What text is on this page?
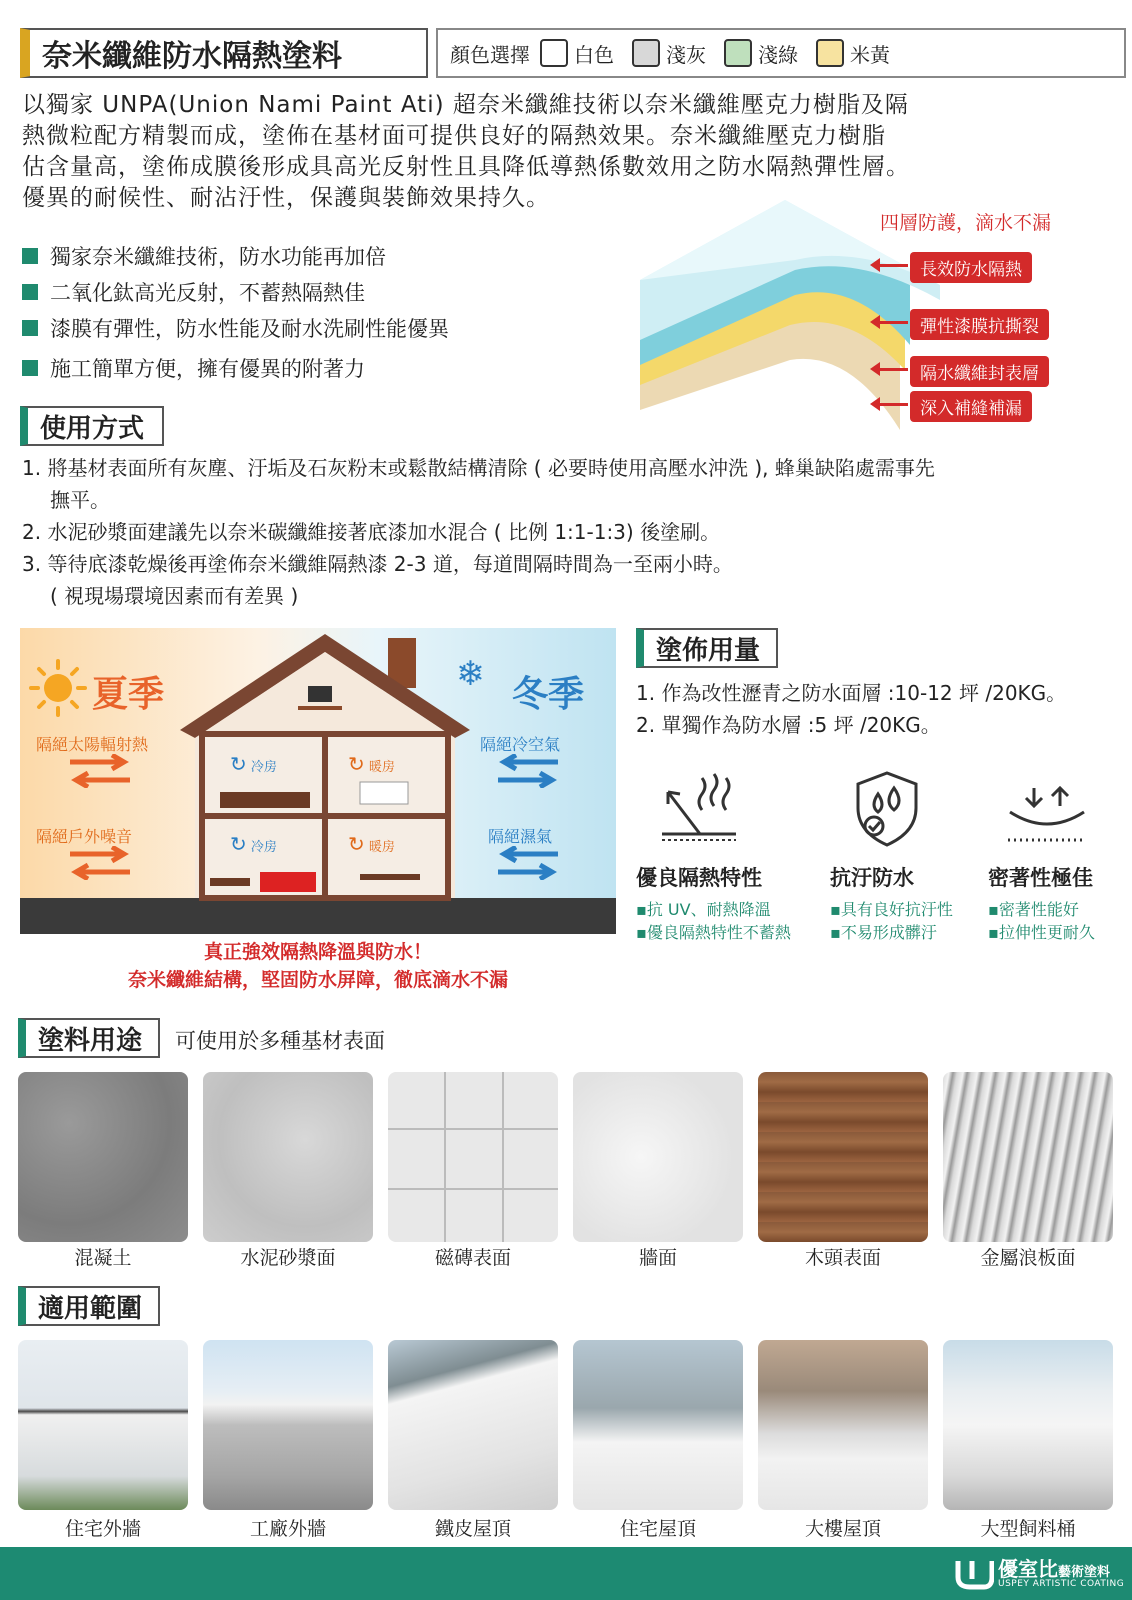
奈米纖維防水隔熱塗料	顏色選擇 白色	淺灰	淺綠	米黃
以獨家 UNPA(Union Nami Paint Ati) 超奈米纖維技術以奈米纖維壓克力樹脂及隔
熱微粒配方精製而成，塗佈在基材面可提供良好的隔熱效果。奈米纖維壓克力樹脂
估含量高，塗佈成膜後形成具高光反射性且具降低導熱係數效用之防水隔熱彈性層。
優異的耐候性、耐沾汙性，保護與裝飾效果持久。
獨家奈米纖維技術，防水功能再加倍
二氧化鈦高光反射，不蓄熱隔熱佳
漆膜有彈性，防水性能及耐水洗刷性能優異
施工簡單方便，擁有優異的附著力
四層防護，滴水不漏
長效防水隔熱
彈性漆膜抗撕裂
隔水纖維封表層
深入補縫補漏
使用方式
1. 將基材表面所有灰塵、汙垢及石灰粉末或鬆散結構清除 ( 必要時使用高壓水沖洗 ), 蜂巢缺陷處需事先
撫平。
2. 水泥砂漿面建議先以奈米碳纖維接著底漆加水混合 ( 比例 1:1-1:3) 後塗刷。
3. 等待底漆乾燥後再塗佈奈米纖維隔熱漆 2-3 道，每道間隔時間為一至兩小時。
( 視現場環境因素而有差異 )
夏季
隔絕太陽輻射熱
隔絕戶外噪音
❄ 冬季
隔絕冷空氣
隔絕濕氣
↻ 冷房	↻ 暖房
↻ 冷房	↻ 暖房
真正強效隔熱降溫與防水！
奈米纖維結構，堅固防水屏障，徹底滴水不漏
塗佈用量
1. 作為改性瀝青之防水面層 :10-12 坪 /20KG。
2. 單獨作為防水層 :5 坪 /20KG。
優良隔熱特性
▪抗 UV、耐熱降溫
▪優良隔熱特性不蓄熱
抗汙防水
▪具有良好抗汙性
▪不易形成髒汙
密著性極佳
▪密著性能好
▪拉伸性更耐久
塗料用途 可使用於多種基材表面
混凝土	水泥砂漿面	磁磚表面	牆面	木頭表面	金屬浪板面
適用範圍
住宅外牆	工廠外牆	鐵皮屋頂	住宅屋頂	大樓屋頂	大型飼料桶
優室比藝術塗料
USPEY ARTISTIC COATING
